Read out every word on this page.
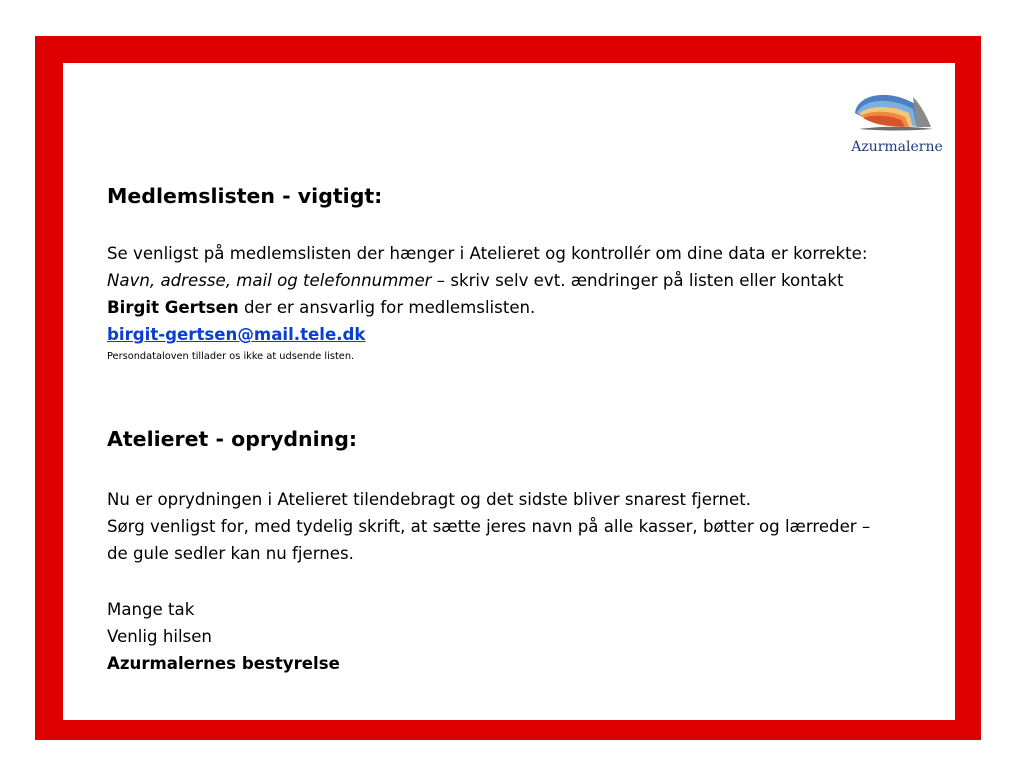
Azurmalerne
Medlemslisten - vigtigt:
Se venligst på medlemslisten der hænger i Atelieret og kontrollér om dine data er korrekte:
Navn, adresse, mail og telefonnummer – skriv selv evt. ændringer på listen eller kontakt
Birgit Gertsen der er ansvarlig for medlemslisten.
birgit-gertsen@mail.tele.dk
Persondataloven tillader os ikke at udsende listen.
Atelieret - oprydning:
Nu er oprydningen i Atelieret tilendebragt og det sidste bliver snarest fjernet.
Sørg venligst for, med tydelig skrift, at sætte jeres navn på alle kasser, bøtter og lærreder –
de gule sedler kan nu fjernes.
Mange tak
Venlig hilsen
Azurmalernes bestyrelse
